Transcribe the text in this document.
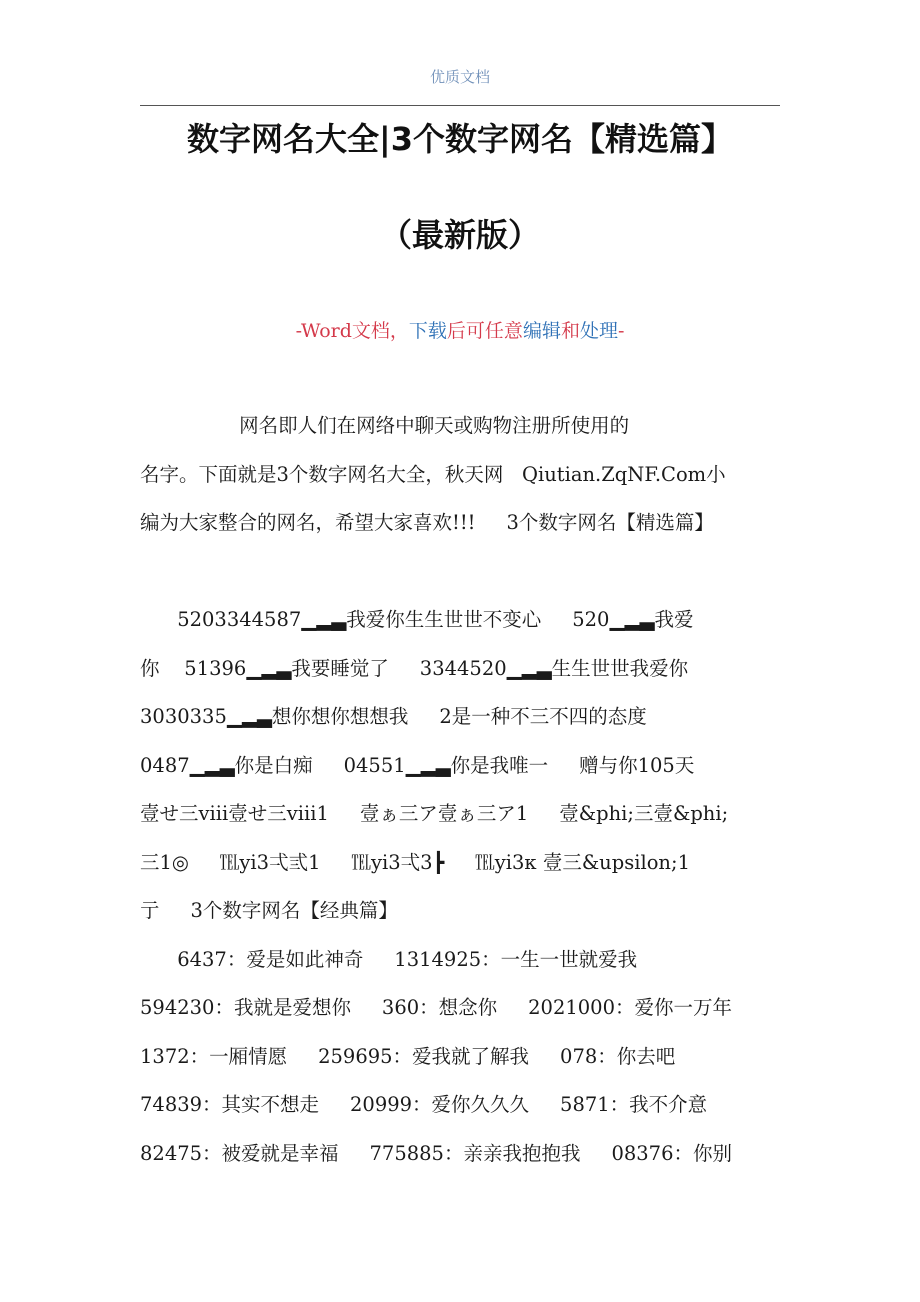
优质文档
数字网名大全|3个数字网名【精选篇】
（最新版）
-Word文档，下载后可任意编辑和处理-
网名即人们在网络中聊天或购物注册所使用的
名字。下面就是3个数字网名大全，秋天网   Qiutian.ZqNF.Com小
编为大家整合的网名，希望大家喜欢!!!     3个数字网名【精选篇】
5203344587▁▂▃我爱你生生世世不变心     520▁▂▃我爱
你    51396▁▂▃我要睡觉了     3344520▁▂▃生生世世我爱你
3030335▁▂▃想你想你想想我     2是一种不三不四的态度
0487▁▂▃你是白痴     04551▁▂▃你是我唯一     赠与你105天
壹せ三ⅷ壹せ三ⅷ1     壹ぁ三ア壹ぁ三ア1     壹&phi;三壹&phi;
三1◎     ℡yi3弌弎1     ℡yi3弌3┣     ℡yi3κ 壹三&upsilon;1
亍     3个数字网名【经典篇】
6437：爱是如此神奇     1314925：一生一世就爱我
594230：我就是爱想你     360：想念你     2021000：爱你一万年
1372：一厢情愿     259695：爱我就了解我     078：你去吧
74839：其实不想走     20999：爱你久久久     5871：我不介意
82475：被爱就是幸福     775885：亲亲我抱抱我     08376：你别
